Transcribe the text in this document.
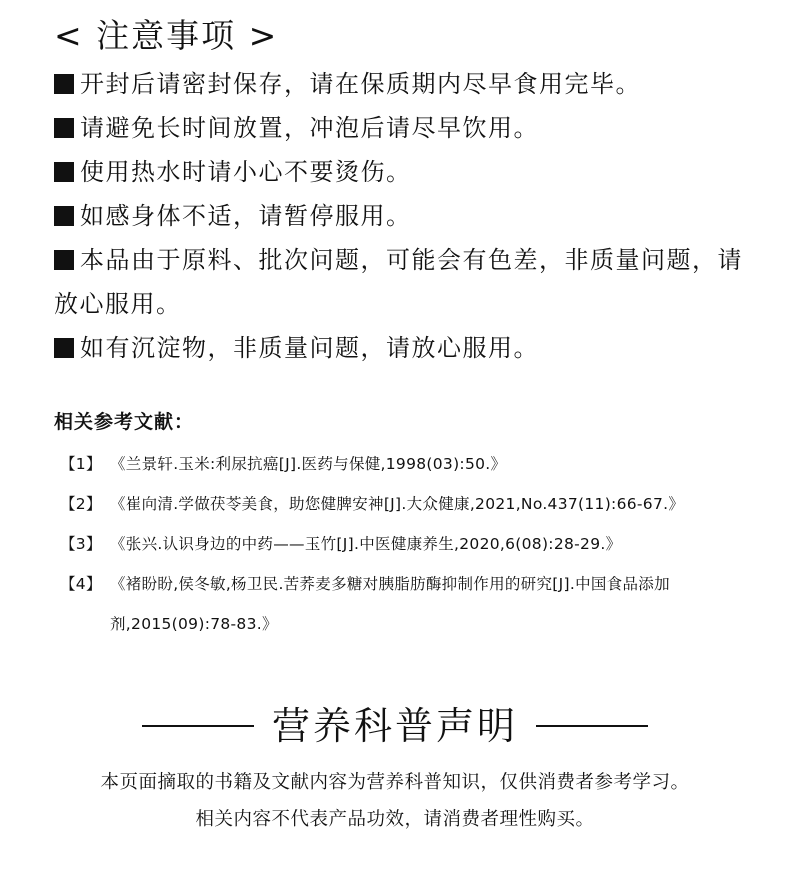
< 注意事项 >
开封后请密封保存，请在保质期内尽早食用完毕。
请避免长时间放置，冲泡后请尽早饮用。
使用热水时请小心不要烫伤。
如感身体不适，请暂停服用。
本品由于原料、批次问题，可能会有色差，非质量问题，请放心服用。
如有沉淀物，非质量问题，请放心服用。
相关参考文献：
【1】 《兰景轩.玉米:利尿抗癌[J].医药与保健,1998(03):50.》
【2】 《崔向清.学做茯苓美食，助您健脾安神[J].大众健康,2021,No.437(11):66-67.》
【3】 《张兴.认识身边的中药——玉竹[J].中医健康养生,2020,6(08):28-29.》
【4】 《褚盼盼,侯冬敏,杨卫民.苦荞麦多糖对胰脂肪酶抑制作用的研究[J].中国食品添加剂,2015(09):78-83.》
营养科普声明
本页面摘取的书籍及文献内容为营养科普知识，仅供消费者参考学习。
相关内容不代表产品功效，请消费者理性购买。
